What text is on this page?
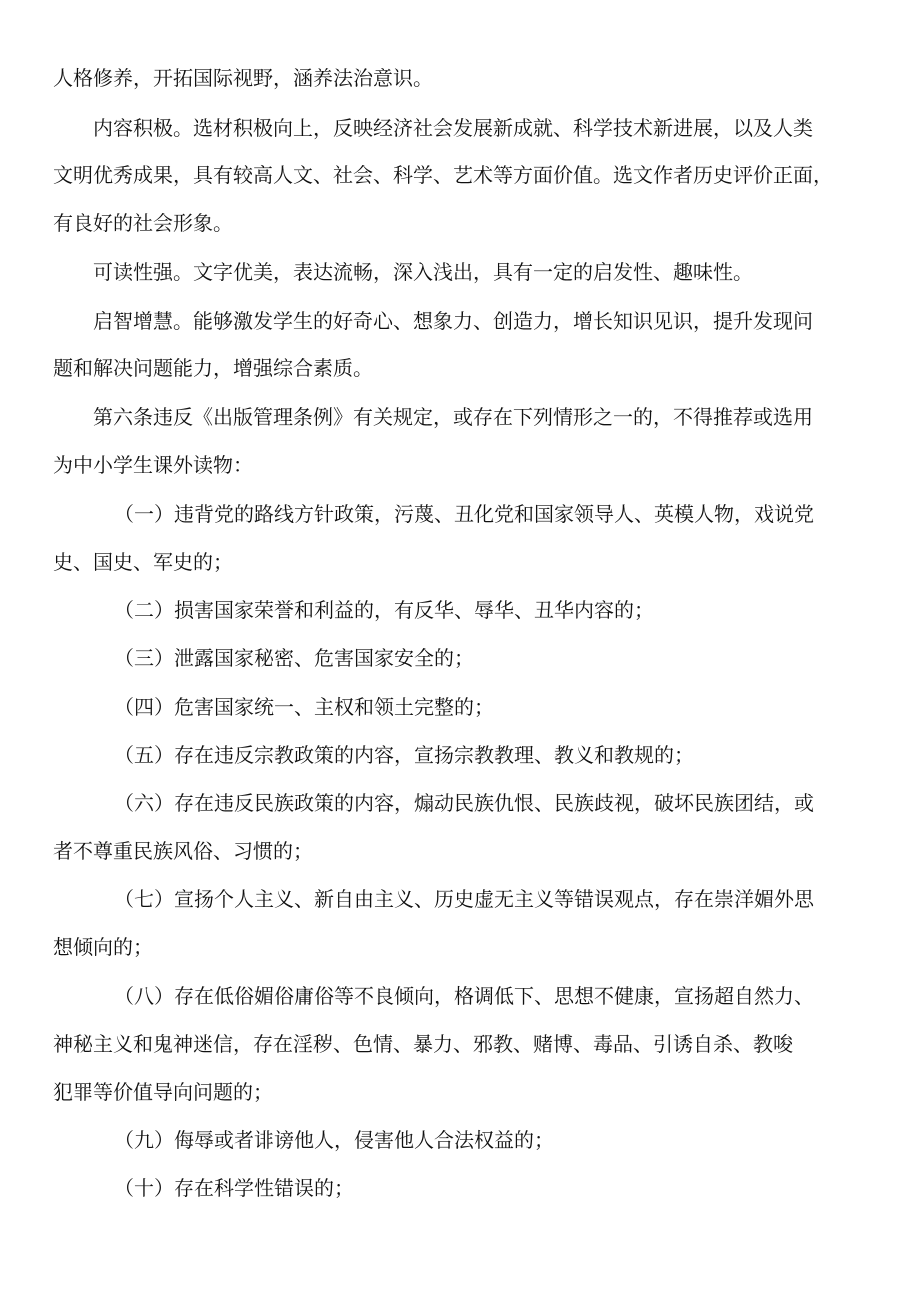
人格修养，开拓国际视野，涵养法治意识。
内容积极。选材积极向上，反映经济社会发展新成就、科学技术新进展，以及人类
文明优秀成果，具有较高人文、社会、科学、艺术等方面价值。选文作者历史评价正面，
有良好的社会形象。
可读性强。文字优美，表达流畅，深入浅出，具有一定的启发性、趣味性。
启智增慧。能够激发学生的好奇心、想象力、创造力，增长知识见识，提升发现问
题和解决问题能力，增强综合素质。
第六条违反《出版管理条例》有关规定，或存在下列情形之一的，不得推荐或选用
为中小学生课外读物：
（一）违背党的路线方针政策，污蔑、丑化党和国家领导人、英模人物，戏说党
史、国史、军史的；
（二）损害国家荣誉和利益的，有反华、辱华、丑华内容的；
（三）泄露国家秘密、危害国家安全的；
（四）危害国家统一、主权和领土完整的；
（五）存在违反宗教政策的内容，宣扬宗教教理、教义和教规的；
（六）存在违反民族政策的内容，煽动民族仇恨、民族歧视，破坏民族团结，或
者不尊重民族风俗、习惯的；
（七）宣扬个人主义、新自由主义、历史虚无主义等错误观点，存在崇洋媚外思
想倾向的；
（八）存在低俗媚俗庸俗等不良倾向，格调低下、思想不健康，宣扬超自然力、
神秘主义和鬼神迷信，存在淫秽、色情、暴力、邪教、赌博、毒品、引诱自杀、教唆
犯罪等价值导向问题的；
（九）侮辱或者诽谤他人，侵害他人合法权益的；
（十）存在科学性错误的；
